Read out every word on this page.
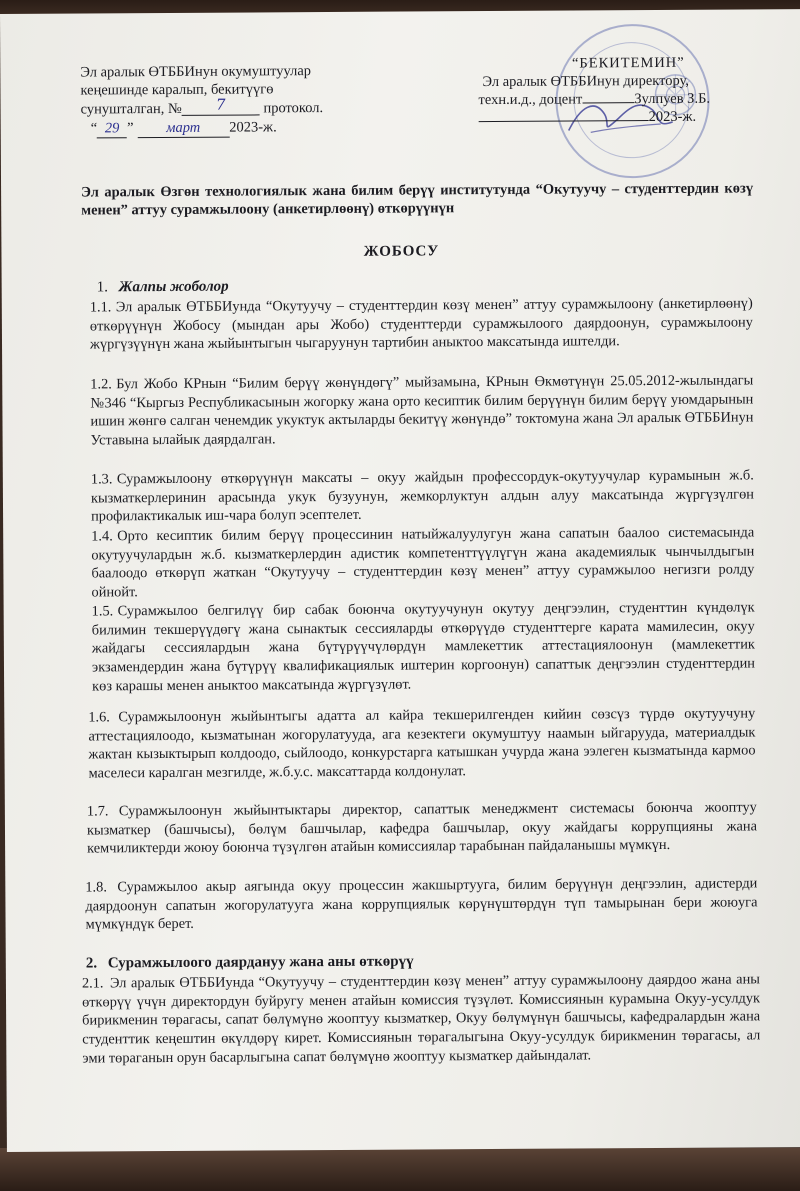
Эл аралык ӨТББИнун окумуштуулар
кеңешинде каралып, бекитүүгө
сунушталган, № 7	протокол.
“ 29 ” март 2023-ж.
“БЕКИТЕМИН”
Эл аралык ӨТББИнун директору,
техн.и.д., доцент	Зулпуев З.Б.
2023-ж.
Эл аралык Өзгөн технологиялык жана билим берүү институтунда “Окутуучу – студенттердин көзү менен” аттуу сурамжылоону (анкетирлөөнү) өткөрүүнүн
ЖОБОСУ
1. Жалпы жоболор
1.1. Эл аралык ӨТББИунда “Окутуучу – студенттердин көзү менен” аттуу сурамжылоону (анкетирлөөнү) өткөрүүнүн Жобосу (мындан ары Жобо) студенттерди сурамжылоого даярдоонун, сурамжылоону жүргүзүүнүн жана жыйынтыгын чыгаруунун тартибин аныктоо максатында иштелди.
1.2. Бул Жобо КРнын “Билим берүү жөнүндөгү” мыйзамына, КРнын Өкмөтүнүн 25.05.2012-жылындагы №346 “Кыргыз Республикасынын жогорку жана орто кесиптик билим берүүнүн билим берүү уюмдарынын ишин жөнгө салган ченемдик укуктук актыларды бекитүү жөнүндө” токтомуна жана Эл аралык ӨТББИнун Уставына ылайык даярдалган.
1.3. Сурамжылоону өткөрүүнүн максаты – окуу жайдын профессордук-окутуучулар курамынын ж.б. кызматкерлеринин арасында укук бузуунун, жемкорлуктун алдын алуу максатында жүргүзүлгөн профилактикалык иш-чара болуп эсептелет.
1.4. Орто кесиптик билим берүү процессинин натыйжалуулугун жана сапатын баалоо системасында окутуучулардын ж.б. кызматкерлердин адистик компетенттүүлүгүн жана академиялык чынчылдыгын баалоодо өткөрүп жаткан “Окутуучу – студенттердин көзү менен” аттуу сурамжылоо негизги ролду ойнойт.
1.5. Сурамжылоо белгилүү бир сабак боюнча окутуучунун окутуу деңгээлин, студенттин күндөлүк билимин текшерүүдөгү жана сынактык сессияларды өткөрүүдө студенттерге карата мамилесин, окуу жайдагы сессиялардын жана бүтүрүүчүлөрдүн мамлекеттик аттестациялоонун (мамлекеттик экзамендердин жана бүтүрүү квалификациялык иштерин коргоонун) сапаттык деңгээлин студенттердин көз карашы менен аныктоо максатында жүргүзүлөт.
1.6. Сурамжылоонун жыйынтыгы адатта ал кайра текшерилгенден кийин сөзсүз түрдө окутуучуну аттестациялоодо, кызматынан жогорулатууда, ага кезектеги окумуштуу наамын ыйгарууда, материалдык жактан кызыктырып колдоодо, сыйлоодо, конкурстарга катышкан учурда жана ээлеген кызматында кармоо маселеси каралган мезгилде, ж.б.у.с. максаттарда колдонулат.
1.7. Сурамжылоонун жыйынтыктары директор, сапаттык менеджмент системасы боюнча жооптуу кызматкер (башчысы), бөлүм башчылар, кафедра башчылар, окуу жайдагы коррупцияны жана кемчиликтерди жоюу боюнча түзүлгөн атайын комиссиялар тарабынан пайдаланышы мүмкүн.
1.8. Сурамжылоо акыр аягында окуу процессин жакшыртууга, билим берүүнүн деңгээлин, адистерди даярдоонун сапатын жогорулатууга жана коррупциялык көрүнүштөрдүн түп тамырынан бери жоюуга мүмкүндүк берет.
2. Сурамжылоого даярдануу жана аны өткөрүү
2.1. Эл аралык ӨТББИунда “Окутуучу – студенттердин көзү менен” аттуу сурамжылоону даярдоо жана аны өткөрүү үчүн директордун буйругу менен атайын комиссия түзүлөт. Комиссиянын курамына Окуу-усулдук бирикменин төрагасы, сапат бөлүмүнө жооптуу кызматкер, Окуу бөлүмүнүн башчысы, кафедралардын жана студенттик кеңештин өкүлдөрү кирет. Комиссиянын төрагалыгына Окуу-усулдук бирикменин төрагасы, ал эми төраганын орун басарлыгына сапат бөлүмүнө жооптуу кызматкер дайындалат.
